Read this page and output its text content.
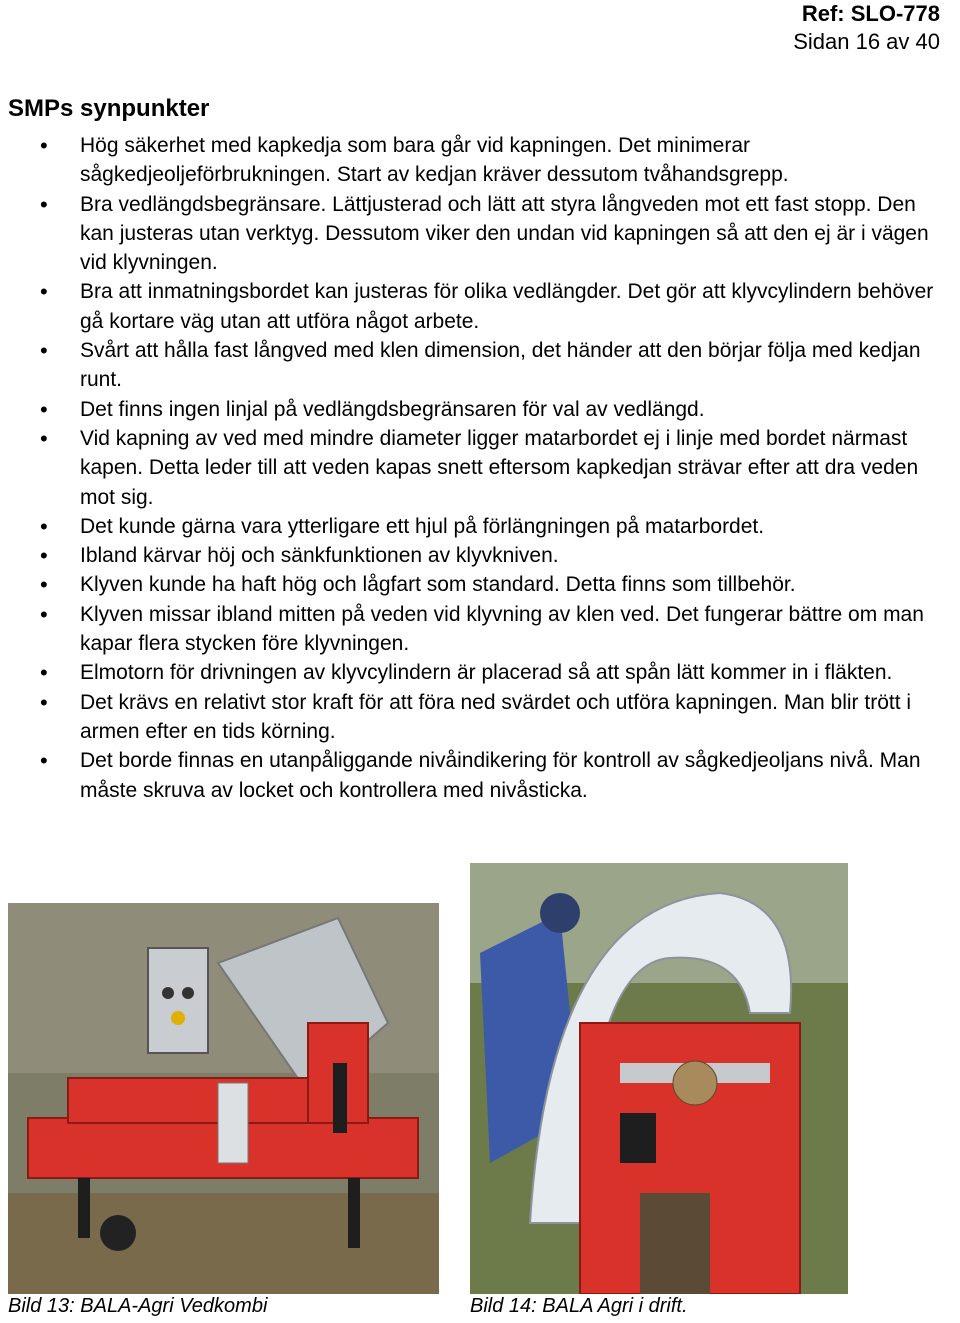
Ref: SLO-778
Sidan 16 av 40
SMPs synpunkter
• Hög säkerhet med kapkedja som bara går vid kapningen. Det minimerar sågkedjeoljeförbrukningen. Start av kedjan kräver dessutom tvåhandsgrepp.
• Bra vedlängdsbegränsare. Lättjusterad och lätt att styra långveden mot ett fast stopp. Den kan justeras utan verktyg. Dessutom viker den undan vid kapningen så att den ej är i vägen vid klyvningen.
• Bra att inmatningsbordet kan justeras för olika vedlängder. Det gör att klyvcylindern behöver gå kortare väg utan att utföra något arbete.
• Svårt att hålla fast långved med klen dimension, det händer att den börjar följa med kedjan runt.
• Det finns ingen linjal på vedlängdsbegränsaren för val av vedlängd.
• Vid kapning av ved med mindre diameter ligger matarbordet ej i linje med bordet närmast kapen. Detta leder till att veden kapas snett eftersom kapkedjan strävar efter att dra veden mot sig.
• Det kunde gärna vara ytterligare ett hjul på förlängningen på matarbordet.
• Ibland kärvar höj och sänkfunktionen av klyvkniven.
• Klyven kunde ha haft hög och lågfart som standard. Detta finns som tillbehör.
• Klyven missar ibland mitten på veden vid klyvning av klen ved. Det fungerar bättre om man kapar flera stycken före klyvningen.
• Elmotorn för drivningen av klyvcylindern är placerad så att spån lätt kommer in i fläkten.
• Det krävs en relativt stor kraft för att föra ned svärdet och utföra kapningen. Man blir trött i armen efter en tids körning.
• Det borde finnas en utanpåliggande nivåindikering för kontroll av sågkedjeoljans nivå. Man måste skruva av locket och kontrollera med nivåsticka.
Bild 13: BALA-Agri Vedkombi	Bild 14: BALA Agri i drift.
